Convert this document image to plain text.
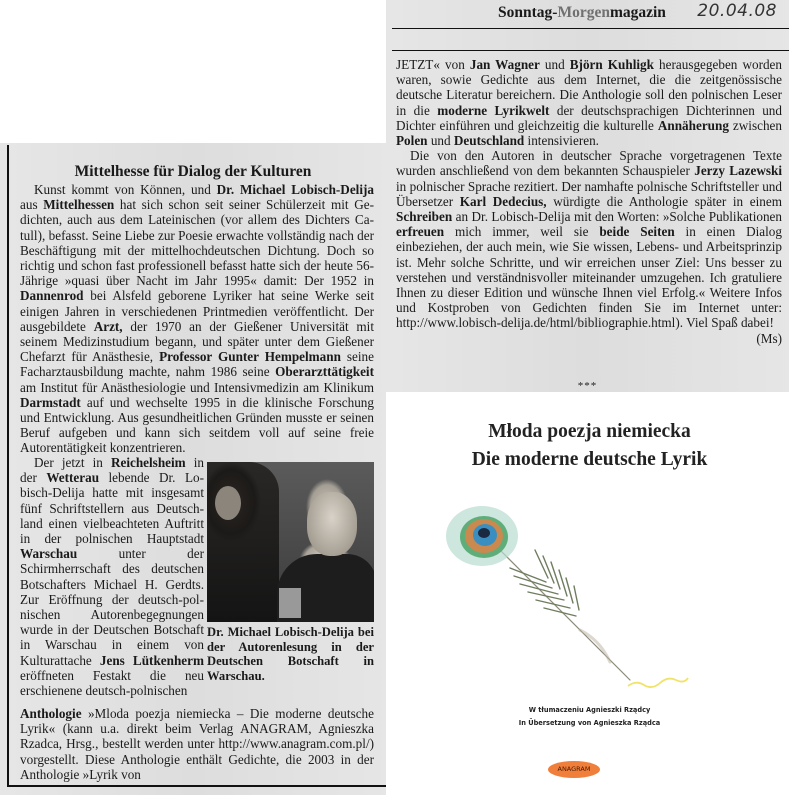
Sonntag-Morgenmagazin 20.04.08

JETZT« von Jan Wagner und Björn Kuhligk herausgegeben worden waren, sowie Gedichte aus dem Internet, die die zeitgenössische deutsche Literatur bereichern. Die Anthologie soll den polnischen Leser in die moderne Lyrikwelt der deutschsprachigen Dichterinnen und Dichter einführen und gleichzeitig die kulturelle Annäherung zwischen Polen und Deutschland intensivieren.

Die von den Autoren in deutscher Sprache vorgetragenen Texte wurden anschließend von dem bekannten Schauspieler Jerzy Lazewski in polnischer Sprache rezitiert. Der namhafte polnische Schriftsteller und Übersetzer Karl Dedecius, würdigte die Anthologie später in einem Schreiben an Dr. Lobisch-Delija mit den Worten: »Solche Publikationen erfreuen mich immer, weil sie beide Seiten in einen Dialog einbeziehen, der auch mein, wie Sie wissen, Lebens- und Arbeitsprinzip ist. Mehr solche Schritte, und wir erreichen unser Ziel: Uns besser zu verstehen und verständnisvoller miteinander umzugehen. Ich gratuliere Ihnen zu dieser Edition und wünsche Ihnen viel Erfolg.« Weitere Infos und Kostproben von Gedichten finden Sie im Internet unter: http://www.lobisch-delija.de/html/bibliographie.html). Viel Spaß dabei!

(Ms)
***
Mittelhesse für Dialog der Kulturen

Kunst kommt von Können, und Dr. Michael Lobisch-Delija aus Mittelhessen hat sich schon seit seiner Schülerzeit mit Gedichten, auch aus dem Lateinischen (vor allem des Dichters Catull), befasst. Seine Liebe zur Poesie erwachte vollständig nach der Beschäftigung mit der mittelhochdeutschen Dichtung. Doch so richtig und schon fast professionell befasst hatte sich der heute 56-Jährige »quasi über Nacht im Jahr 1995« damit: Der 1952 in Dannenrod bei Alsfeld geborene Lyriker hat seine Werke seit einigen Jahren in verschiedenen Printmedien veröffentlicht. Der ausgebildete Arzt, der 1970 an der Gießener Universität mit seinem Medizinstudium begann, und später unter dem Gießener Chefarzt für Anästhesie, Professor Gunter Hempelmann seine Facharztausbildung machte, nahm 1986 seine Oberarzttätigkeit am Institut für Anästhesiologie und Intensivmedizin am Klinikum Darmstadt auf und wechselte 1995 in die klinische Forschung und Entwicklung. Aus gesundheitlichen Gründen musste er seinen Beruf aufgeben und kann sich seitdem voll auf seine freie Autorentätigkeit konzentrieren.

Der jetzt in Reichelsheim in der Wetterau lebende Dr. Lobisch-Delija hatte mit insgesamt fünf Schriftstellern aus Deutschland einen vielbeachteten Auftritt in der polnischen Hauptstadt Warschau unter der Schirmherrschaft des deutschen Botschafters Michael H. Gerdts. Zur Eröffnung der deutsch-polnischen Autorenbegegnungen wurde in der Deutschen Botschaft in Warschau in einem von Kulturattache Jens Lütkenherm eröffneten Festakt die neu erschienene deutsch-polnischen

Dr. Michael Lobisch-Delija bei der Autorenlesung in der Deutschen Botschaft in Warschau.

Anthologie »Mloda poezja niemiecka – Die moderne deutsche Lyrik« (kann u.a. direkt beim Verlag ANAGRAM, Agnieszka Rzadca, Hrsg., bestellt werden unter http://www.anagram.com.pl/) vorgestellt. Diese Anthologie enthält Gedichte, die 2003 in der Anthologie »Lyrik von

Młoda poezja niemiecka
Die moderne deutsche Lyrik
W tłumaczeniu Agnieszki Rządcy
In Übersetzung von Agnieszka Rządca
ANAGRAM
